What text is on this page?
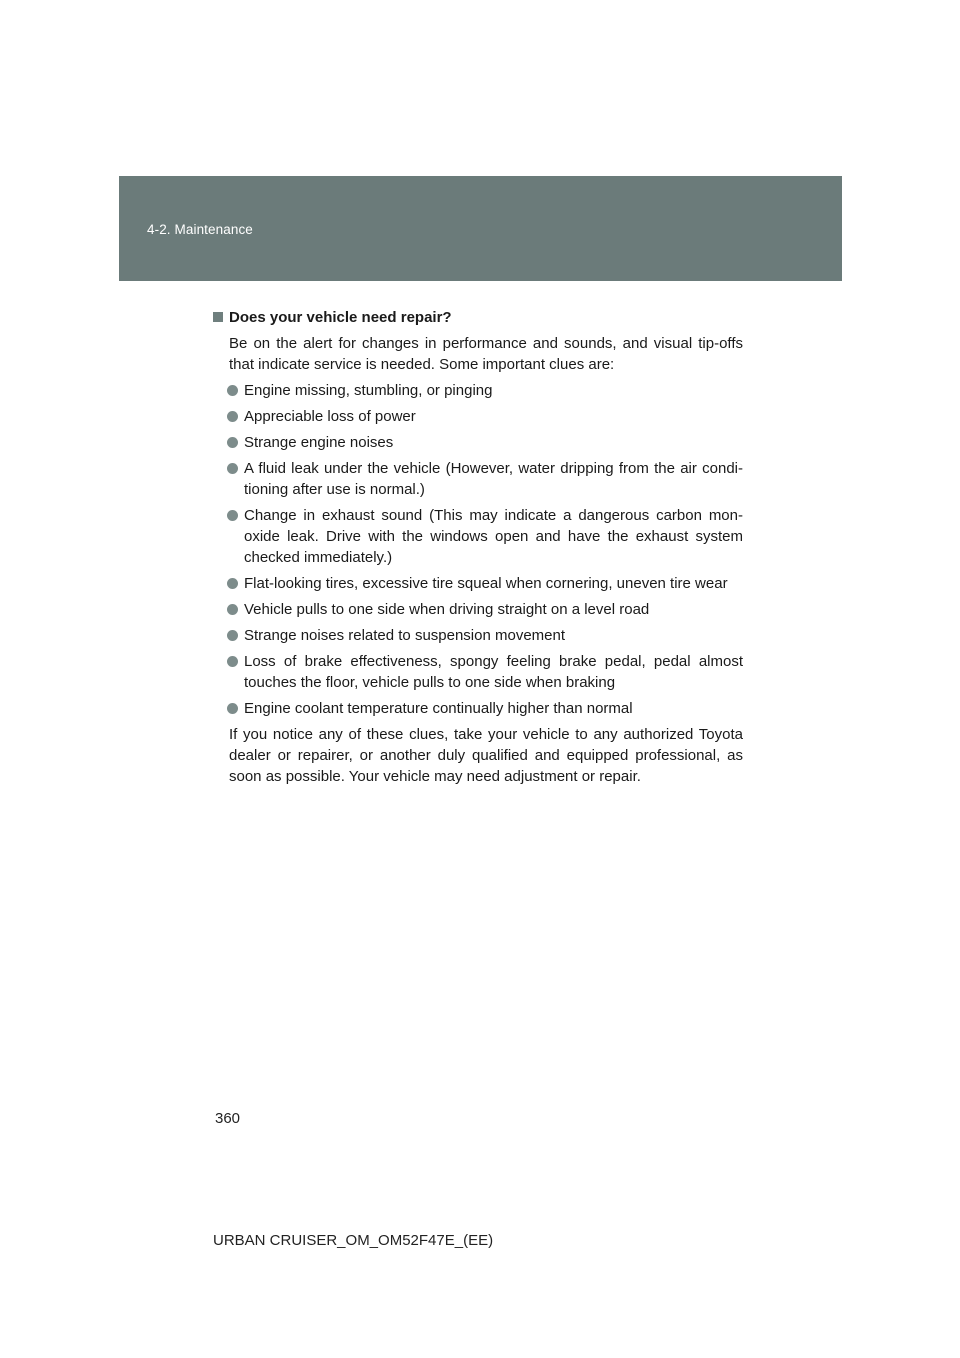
4-2. Maintenance
Does your vehicle need repair?

Be on the alert for changes in performance and sounds, and visual tip-offs that indicate service is needed. Some important clues are:

Engine missing, stumbling, or pinging
Appreciable loss of power
Strange engine noises
A fluid leak under the vehicle (However, water dripping from the air condi-tioning after use is normal.)
Change in exhaust sound (This may indicate a dangerous carbon mon-oxide leak. Drive with the windows open and have the exhaust system checked immediately.)
Flat-looking tires, excessive tire squeal when cornering, uneven tire wear
Vehicle pulls to one side when driving straight on a level road
Strange noises related to suspension movement
Loss of brake effectiveness, spongy feeling brake pedal, pedal almost touches the floor, vehicle pulls to one side when braking
Engine coolant temperature continually higher than normal

If you notice any of these clues, take your vehicle to any authorized Toyota dealer or repairer, or another duly qualified and equipped professional, as soon as possible. Your vehicle may need adjustment or repair.

360
URBAN CRUISER_OM_OM52F47E_(EE)
